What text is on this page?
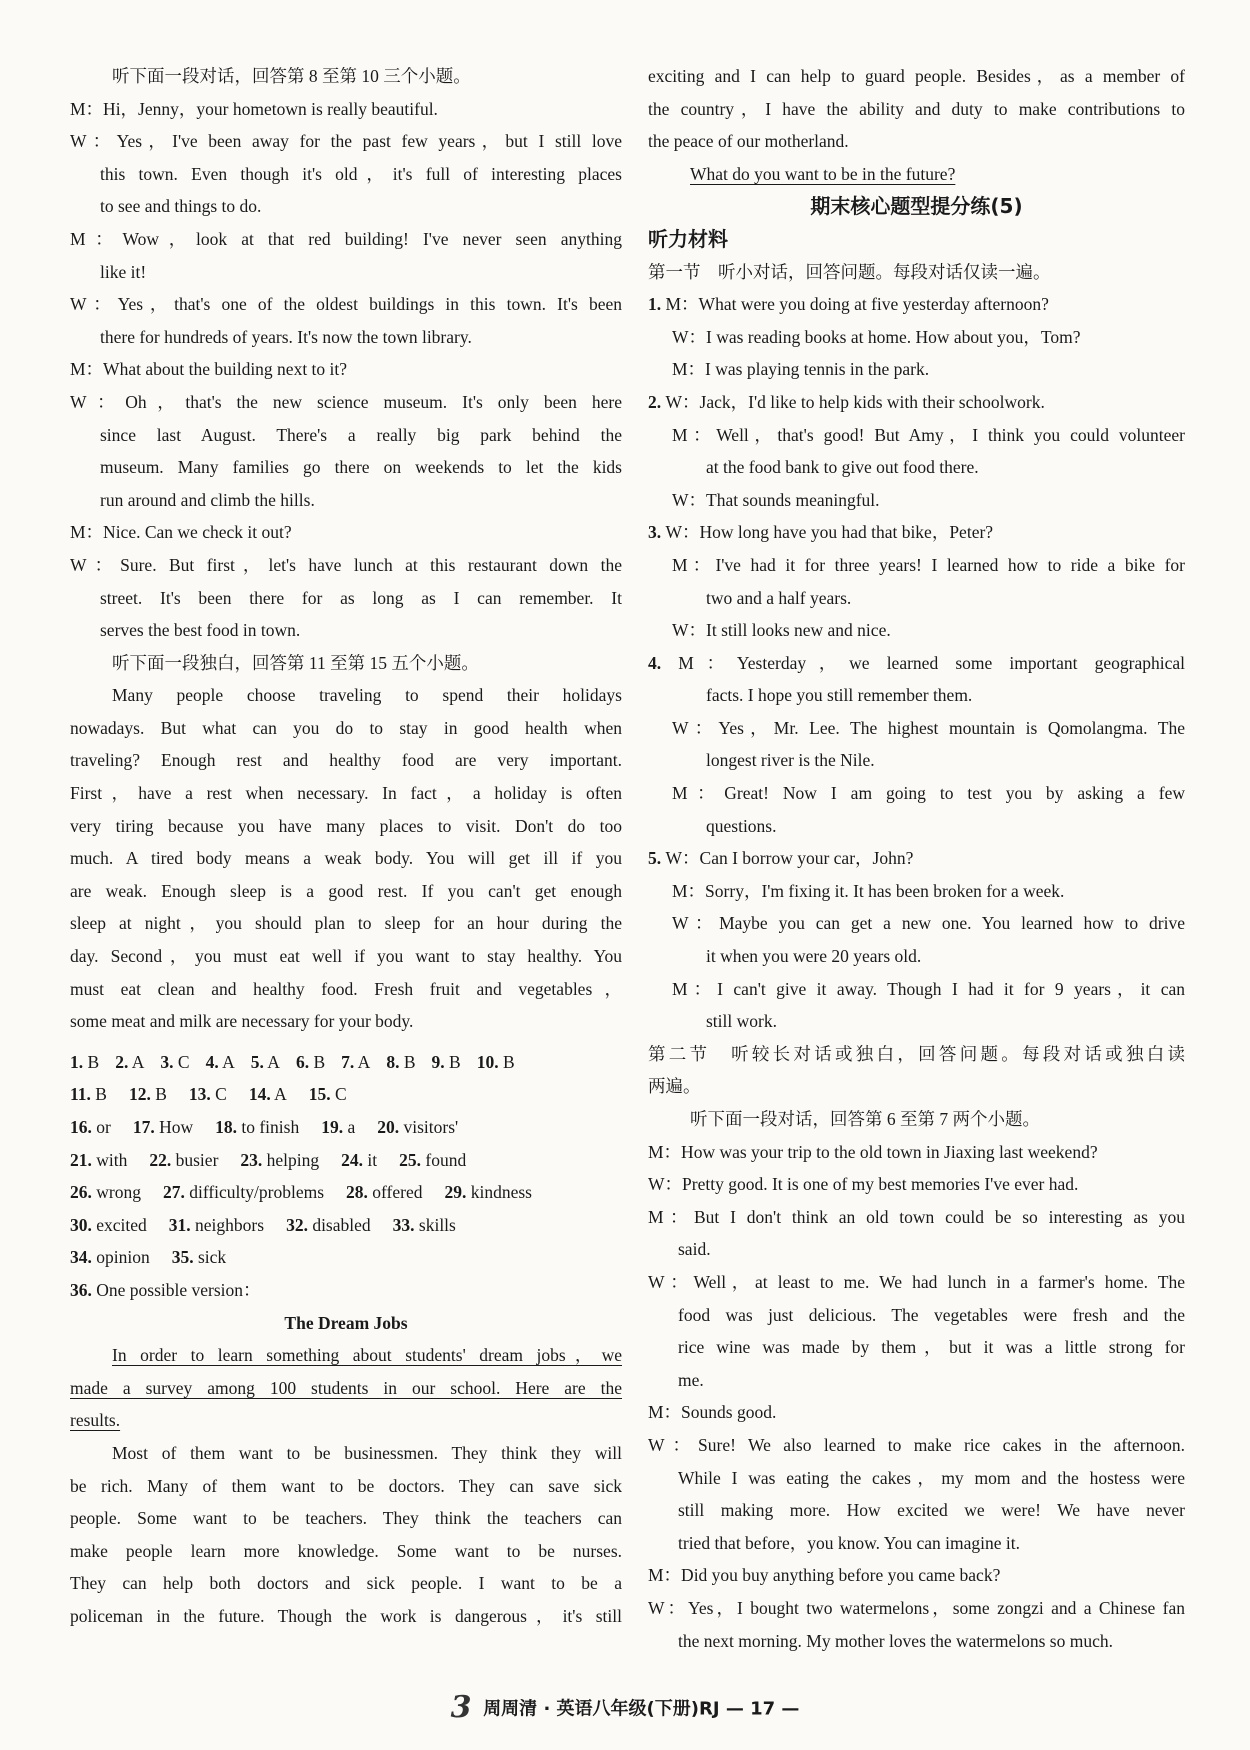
听下面一段对话，回答第 8 至第 10 三个小题。
M：Hi，Jenny，your hometown is really beautiful.
W：Yes，I've been away for the past few years，but I still love
this town. Even though it's old，it's full of interesting places
to see and things to do.
M：Wow，look at that red building! I've never seen anything
like it!
W：Yes，that's one of the oldest buildings in this town. It's been
there for hundreds of years. It's now the town library.
M：What about the building next to it?
W：Oh，that's the new science museum. It's only been here
since last August. There's a really big park behind the
museum. Many families go there on weekends to let the kids
run around and climb the hills.
M：Nice. Can we check it out?
W：Sure. But first，let's have lunch at this restaurant down the
street. It's been there for as long as I can remember. It
serves the best food in town.
听下面一段独白，回答第 11 至第 15 五个小题。
Many people choose traveling to spend their holidays
nowadays. But what can you do to stay in good health when
traveling? Enough rest and healthy food are very important.
First，have a rest when necessary. In fact，a holiday is often
very tiring because you have many places to visit. Don't do too
much. A tired body means a weak body. You will get ill if you
are weak. Enough sleep is a good rest. If you can't get enough
sleep at night，you should plan to sleep for an hour during the
day. Second，you must eat well if you want to stay healthy. You
must eat clean and healthy food. Fresh fruit and vegetables，
some meat and milk are necessary for your body.
1. B 2. A 3. C 4. A 5. A 6. B 7. A 8. B 9. B 10. B
11. B 12. B 13. C 14. A 15. C
16. or 17. How 18. to finish 19. a 20. visitors'
21. with 22. busier 23. helping 24. it 25. found
26. wrong 27. difficulty/problems 28. offered 29. kindness
30. excited 31. neighbors 32. disabled 33. skills
34. opinion 35. sick
36. One possible version：
The Dream Jobs
In order to learn something about students' dream jobs，we
made a survey among 100 students in our school. Here are the
results.
Most of them want to be businessmen. They think they will
be rich. Many of them want to be doctors. They can save sick
people. Some want to be teachers. They think the teachers can
make people learn more knowledge. Some want to be nurses.
They can help both doctors and sick people. I want to be a
policeman in the future. Though the work is dangerous，it's still
exciting and I can help to guard people. Besides，as a member of
the country，I have the ability and duty to make contributions to
the peace of our motherland.
What do you want to be in the future?
期末核心题型提分练(5)
听力材料
第一节　听小对话，回答问题。每段对话仅读一遍。
1. M：What were you doing at five yesterday afternoon?
W：I was reading books at home. How about you，Tom?
M：I was playing tennis in the park.
2. W：Jack，I'd like to help kids with their schoolwork.
M：Well，that's good! But Amy，I think you could volunteer
at the food bank to give out food there.
W：That sounds meaningful.
3. W：How long have you had that bike，Peter?
M：I've had it for three years! I learned how to ride a bike for
two and a half years.
W：It still looks new and nice.
4. M：Yesterday，we learned some important geographical
facts. I hope you still remember them.
W：Yes，Mr. Lee. The highest mountain is Qomolangma. The
longest river is the Nile.
M：Great! Now I am going to test you by asking a few
questions.
5. W：Can I borrow your car，John?
M：Sorry，I'm fixing it. It has been broken for a week.
W：Maybe you can get a new one. You learned how to drive
it when you were 20 years old.
M：I can't give it away. Though I had it for 9 years，it can
still work.
第二节　听较长对话或独白，回答问题。每段对话或独白读
两遍。
听下面一段对话，回答第 6 至第 7 两个小题。
M：How was your trip to the old town in Jiaxing last weekend?
W：Pretty good. It is one of my best memories I've ever had.
M：But I don't think an old town could be so interesting as you
said.
W：Well，at least to me. We had lunch in a farmer's home. The
food was just delicious. The vegetables were fresh and the
rice wine was made by them，but it was a little strong for
me.
M：Sounds good.
W：Sure! We also learned to make rice cakes in the afternoon.
While I was eating the cakes，my mom and the hostess were
still making more. How excited we were! We have never
tried that before，you know. You can imagine it.
M：Did you buy anything before you came back?
W：Yes，I bought two watermelons，some zongzi and a Chinese fan
the next morning. My mother loves the watermelons so much.
3 周周清 · 英语八年级(下册)RJ — 17 —
